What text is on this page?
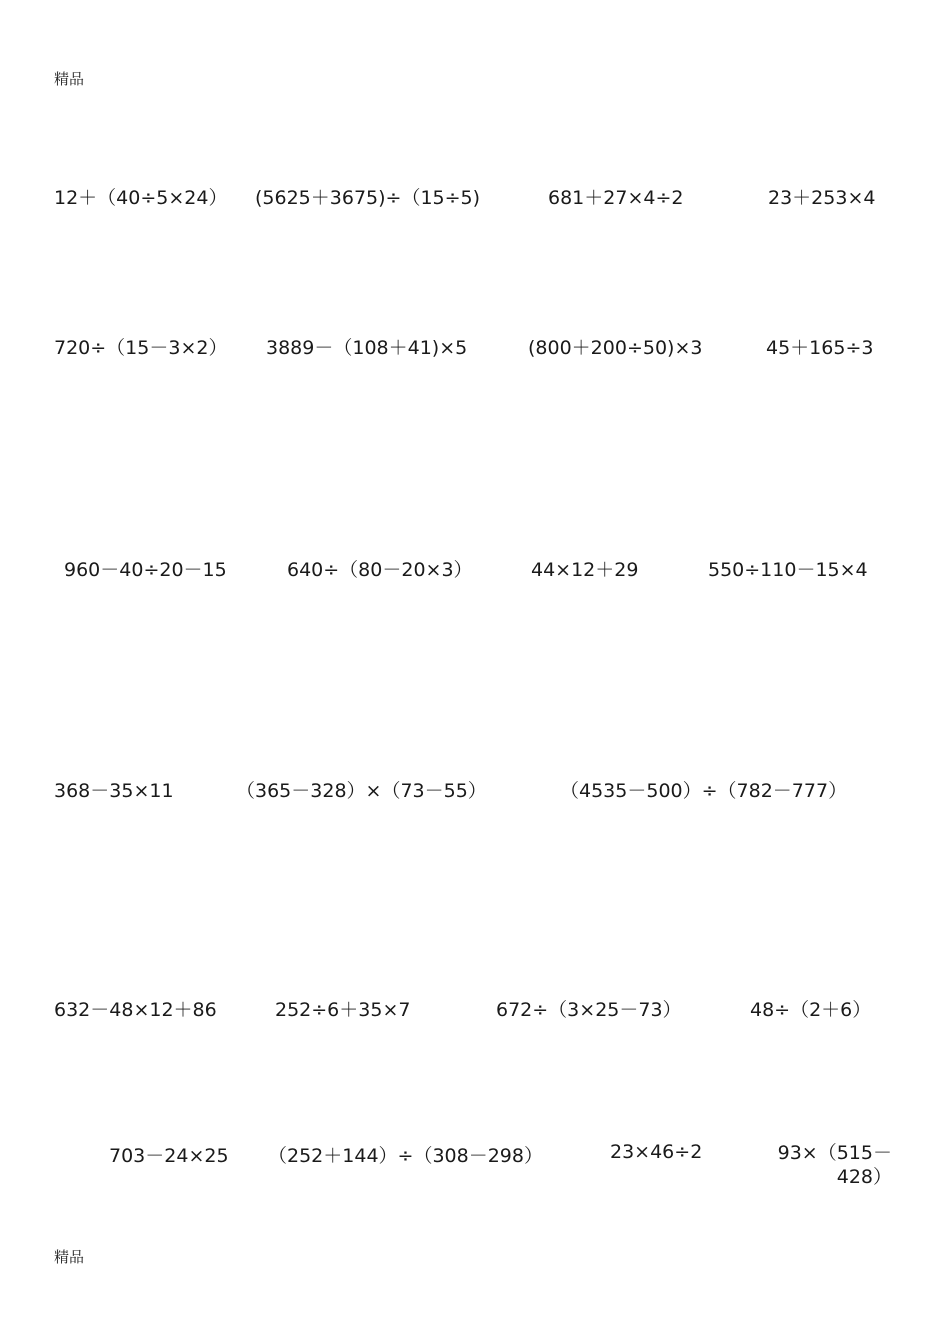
精品
12＋（40÷5×24） (5625＋3675)÷（15÷5)	681＋27×4÷2	23＋253×4
720÷（15－3×2） 3889－（108＋41)×5	(800＋200÷50)×3	45＋165÷3
960－40÷20－15	640÷（80－20×3）	44×12＋29	550÷110－15×4
368－35×11	（365－328）×（73－55）	（4535－500）÷（782－777）
632－48×12＋86	252÷6＋35×7	672÷（3×25－73）	48÷（2＋6）
703－24×25 （252＋144）÷（308－298）	23×46÷2	93×（515－428）
精品
